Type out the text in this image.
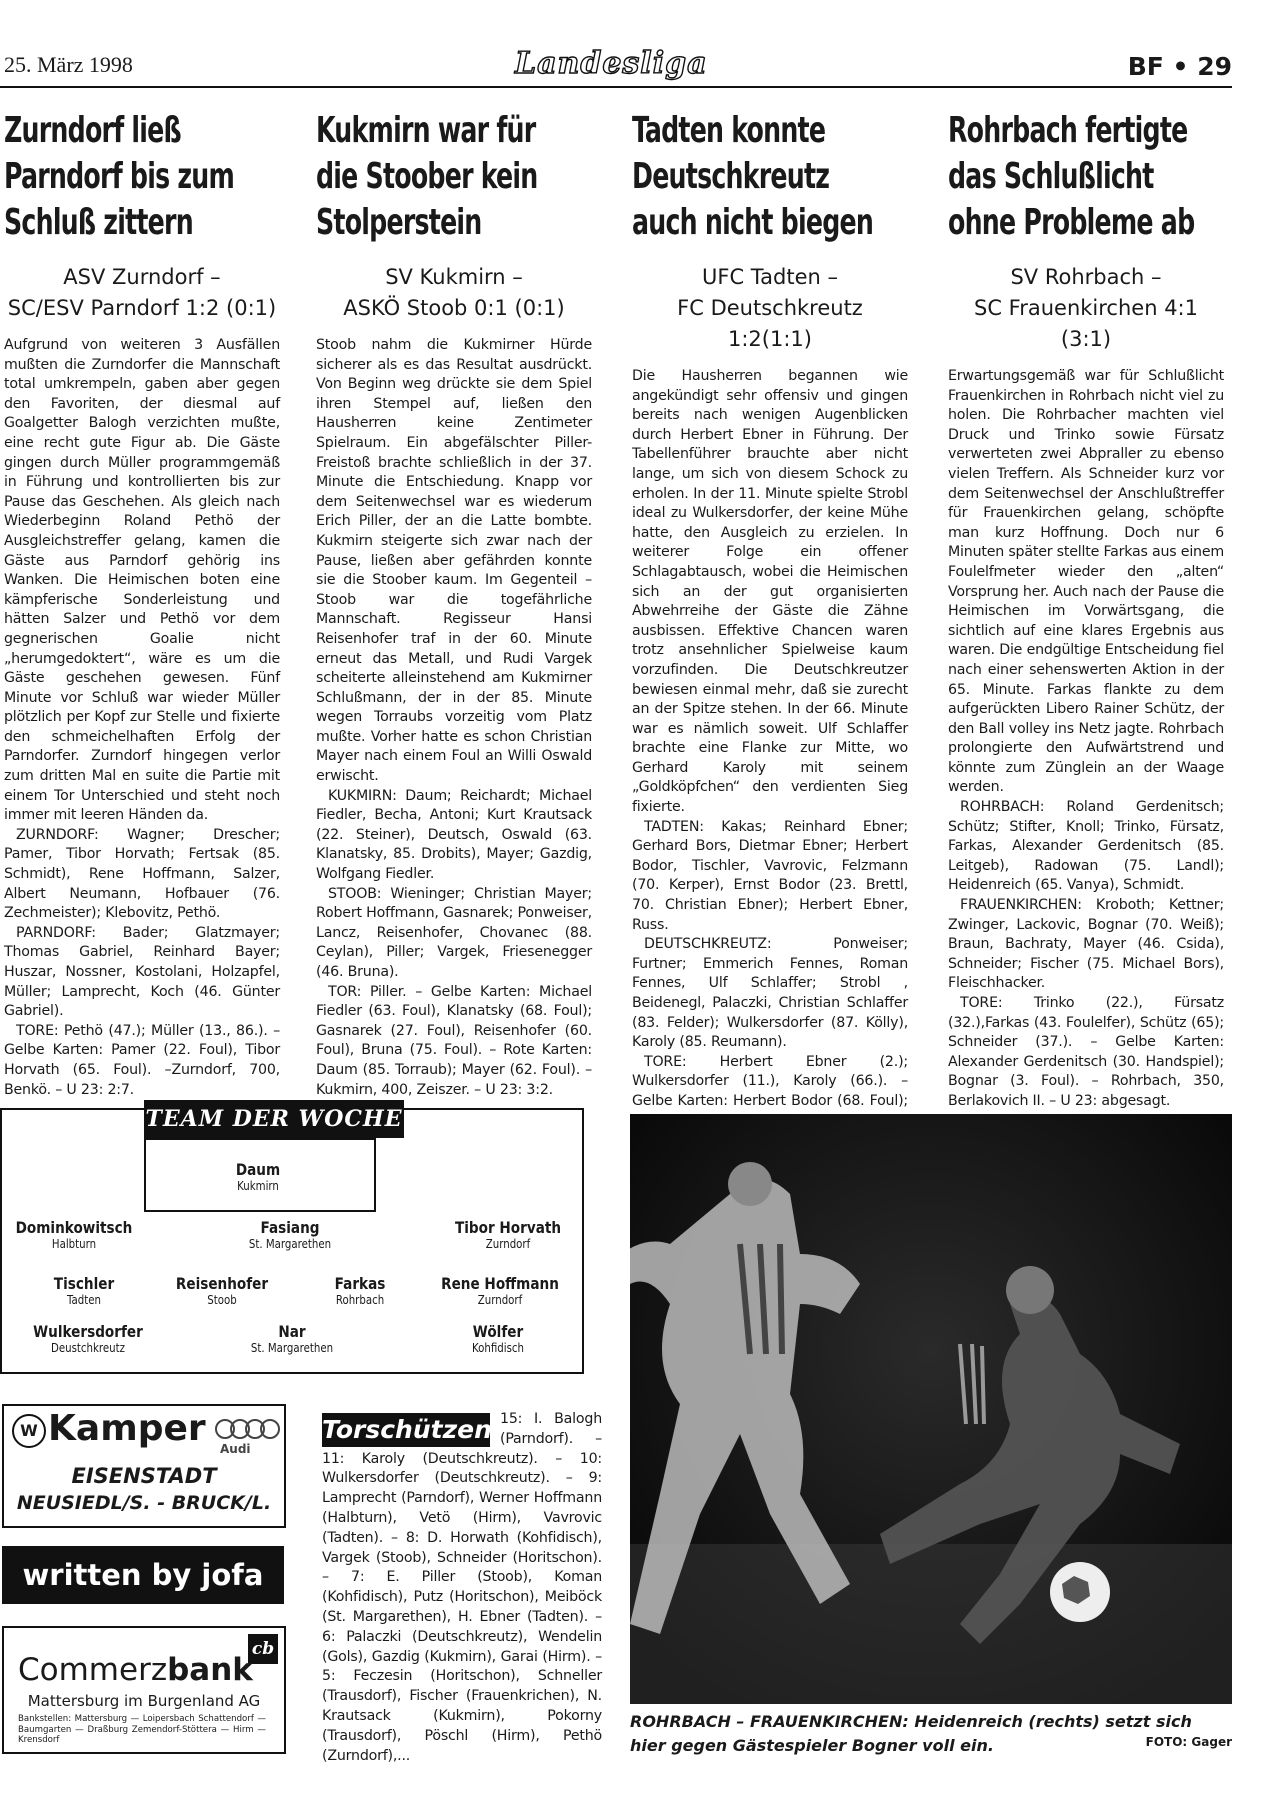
25. März 1998	Landesliga	BF • 29
Zurndorf ließ
Parndorf bis zum
Schluß zittern
ASV Zurndorf –
SC/ESV Parndorf 1:2 (0:1)

Aufgrund von weiteren 3 Ausfällen mußten die Zurndorfer die Mannschaft total umkrempeln, gaben aber gegen den Favoriten, der diesmal auf Goalgetter Balogh verzichten mußte, eine recht gute Figur ab. Die Gäste gingen durch Müller programmgemäß in Führung und kontrollierten bis zur Pause das Geschehen. Als gleich nach Wiederbeginn Roland Pethö der Ausgleichstreffer gelang, kamen die Gäste aus Parndorf gehörig ins Wanken. Die Heimischen boten eine kämpferische Sonderleistung und hätten Salzer und Pethö vor dem gegnerischen Goalie nicht „herumgedoktert“, wäre es um die Gäste geschehen gewesen. Fünf Minute vor Schluß war wieder Müller plötzlich per Kopf zur Stelle und fixierte den schmeichelhaften Erfolg der Parndorfer. Zurndorf hingegen verlor zum dritten Mal en suite die Partie mit einem Tor Unterschied und steht noch immer mit leeren Händen da.

ZURNDORF: Wagner; Drescher; Pamer, Tibor Horvath; Fertsak (85. Schmidt), Rene Hoffmann, Salzer, Albert Neumann, Hofbauer (76. Zechmeister); Klebovitz, Pethö.

PARNDORF: Bader; Glatzmayer; Thomas Gabriel, Reinhard Bayer; Huszar, Nossner, Kostolani, Holzapfel, Müller; Lamprecht, Koch (46. Günter Gabriel).

TORE: Pethö (47.); Müller (13., 86.). – Gelbe Karten: Pamer (22. Foul), Tibor Horvath (65. Foul). –Zurndorf, 700, Benkö. – U 23: 2:7.

Kukmirn war für
die Stoober kein
Stolperstein
SV Kukmirn –
ASKÖ Stoob 0:1 (0:1)

Stoob nahm die Kukmirner Hürde sicherer als es das Resultat ausdrückt. Von Beginn weg drückte sie dem Spiel ihren Stempel auf, ließen den Hausherren keine Zentimeter Spielraum. Ein abgefälschter Piller-Freistoß brachte schließlich in der 37. Minute die Entschiedung. Knapp vor dem Seitenwechsel war es wiederum Erich Piller, der an die Latte bombte. Kukmirn steigerte sich zwar nach der Pause, ließen aber gefährden konnte sie die Stoober kaum. Im Gegenteil – Stoob war die togefährliche Mannschaft. Regisseur Hansi Reisenhofer traf in der 60. Minute erneut das Metall, und Rudi Vargek scheiterte alleinstehend am Kukmirner Schlußmann, der in der 85. Minute wegen Torraubs vorzeitig vom Platz mußte. Vorher hatte es schon Christian Mayer nach einem Foul an Willi Oswald erwischt.

KUKMIRN: Daum; Reichardt; Michael Fiedler, Becha, Antoni; Kurt Krautsack (22. Steiner), Deutsch, Oswald (63. Klanatsky, 85. Drobits), Mayer; Gazdig, Wolfgang Fiedler.

STOOB: Wieninger; Christian Mayer; Robert Hoffmann, Gasnarek; Ponweiser, Lancz, Reisenhofer, Chovanec (88. Ceylan), Piller; Vargek, Friesenegger (46. Bruna).

TOR: Piller. – Gelbe Karten: Michael Fiedler (63. Foul), Klanatsky (68. Foul); Gasnarek (27. Foul), Reisenhofer (60. Foul), Bruna (75. Foul). – Rote Karten: Daum (85. Torraub); Mayer (62. Foul). – Kukmirn, 400, Zeiszer. – U 23: 3:2.

Tadten konnte
Deutschkreutz
auch nicht biegen
UFC Tadten –
FC Deutschkreutz 1:2(1:1)

Die Hausherren begannen wie angekündigt sehr offensiv und gingen bereits nach wenigen Augenblicken durch Herbert Ebner in Führung. Der Tabellenführer brauchte aber nicht lange, um sich von diesem Schock zu erholen. In der 11. Minute spielte Strobl ideal zu Wulkersdorfer, der keine Mühe hatte, den Ausgleich zu erzielen. In weiterer Folge ein offener Schlagabtausch, wobei die Heimischen sich an der gut organisierten Abwehrreihe der Gäste die Zähne ausbissen. Effektive Chancen waren trotz ansehnlicher Spielweise kaum vorzufinden. Die Deutschkreutzer bewiesen einmal mehr, daß sie zurecht an der Spitze stehen. In der 66. Minute war es nämlich soweit. Ulf Schlaffer brachte eine Flanke zur Mitte, wo Gerhard Karoly mit seinem „Goldköpfchen“ den verdienten Sieg fixierte.

TADTEN: Kakas; Reinhard Ebner; Gerhard Bors, Dietmar Ebner; Herbert Bodor, Tischler, Vavrovic, Felzmann (70. Kerper), Ernst Bodor (23. Brettl, 70. Christian Ebner); Herbert Ebner, Russ.

DEUTSCHKREUTZ: Ponweiser; Furtner; Emmerich Fennes, Roman Fennes, Ulf Schlaffer; Strobl , Beidenegl, Palaczki, Christian Schlaffer (83. Felder); Wulkersdorfer (87. Kölly), Karoly (85. Reumann).

TORE: Herbert Ebner (2.); Wulkersdorfer (11.), Karoly (66.). – Gelbe Karten: Herbert Bodor (68. Foul);

Rohrbach fertigte
das Schlußlicht
ohne Probleme ab
SV Rohrbach –
SC Frauenkirchen 4:1 (3:1)

Erwartungsgemäß war für Schlußlicht Frauenkirchen in Rohrbach nicht viel zu holen. Die Rohrbacher machten viel Druck und Trinko sowie Fürsatz verwerteten zwei Abpraller zu ebenso vielen Treffern. Als Schneider kurz vor dem Seitenwechsel der Anschlußtreffer für Frauenkirchen gelang, schöpfte man kurz Hoffnung. Doch nur 6 Minuten später stellte Farkas aus einem Foulelfmeter wieder den „alten“ Vorsprung her. Auch nach der Pause die Heimischen im Vorwärtsgang, die sichtlich auf eine klares Ergebnis aus waren. Die endgültige Entscheidung fiel nach einer sehenswerten Aktion in der 65. Minute. Farkas flankte zu dem aufgerückten Libero Rainer Schütz, der den Ball volley ins Netz jagte. Rohrbach prolongierte den Aufwärtstrend und könnte zum Zünglein an der Waage werden.

ROHRBACH: Roland Gerdenitsch; Schütz; Stifter, Knoll; Trinko, Fürsatz, Farkas, Alexander Gerdenitsch (85. Leitgeb), Radowan (75. Landl); Heidenreich (65. Vanya), Schmidt.

FRAUENKIRCHEN: Kroboth; Kettner; Zwinger, Lackovic, Bognar (70. Weiß); Braun, Bachraty, Mayer (46. Csida), Schneider; Fischer (75. Michael Bors), Fleischhacker.

TORE: Trinko (22.), Fürsatz (32.),Farkas (43. Foulelfer), Schütz (65); Schneider (37.). – Gelbe Karten: Alexander Gerdenitsch (30. Handspiel); Bognar (3. Foul). – Rohrbach, 350, Berlakovich II. – U 23: abgesagt.

TEAM DER WOCHE
Daum
Kukmirn
Dominkowitsch
Halbturn
Fasiang
St. Margarethen
Tibor Horvath
Zurndorf
Tischler
Tadten
Reisenhofer
Stoob
Farkas
Rohrbach
Rene Hoffmann
Zurndorf
Wulkersdorfer
Deustchkreutz
Nar
St. Margarethen
Wölfer
Kohfidisch
W Kamper Audi
EISENSTADT
NEUSIEDL/S. - BRUCK/L.
written by jofa
cb
Commerzbank
Mattersburg im Burgenland AG
Bankstellen: Mattersburg — Loipersbach Schattendorf — Baumgarten — Draßburg Zemendorf-Stöttera — Hirm — Krensdorf
15: I. Balogh (Parndorf). – 11: Karoly (Deutschkreutz). – 10: Wulkersdorfer (Deutschkreutz). – 9: Lamprecht (Parndorf), Werner Hoffmann (Halbturn), Vetö (Hirm), Vavrovic (Tadten). – 8: D. Horwath (Kohfidisch), Vargek (Stoob), Schneider (Horitschon). – 7: E. Piller (Stoob), Koman (Kohfidisch), Putz (Horitschon), Meiböck (St. Margarethen), H. Ebner (Tadten). – 6: Palaczki (Deutschkreutz), Wendelin (Gols), Gazdig (Kukmirn), Garai (Hirm). – 5: Feczesin (Horitschon), Schneller (Trausdorf), Fischer (Frauenkrichen), N. Krautsack (Kukmirn), Pokorny (Trausdorf), Pöschl (Hirm), Pethö (Zurndorf),...
Torschützen
ROHRBACH – FRAUENKIRCHEN: Heidenreich (rechts) setzt sich hier gegen Gästespieler Bogner voll ein.	FOTO: Gager
